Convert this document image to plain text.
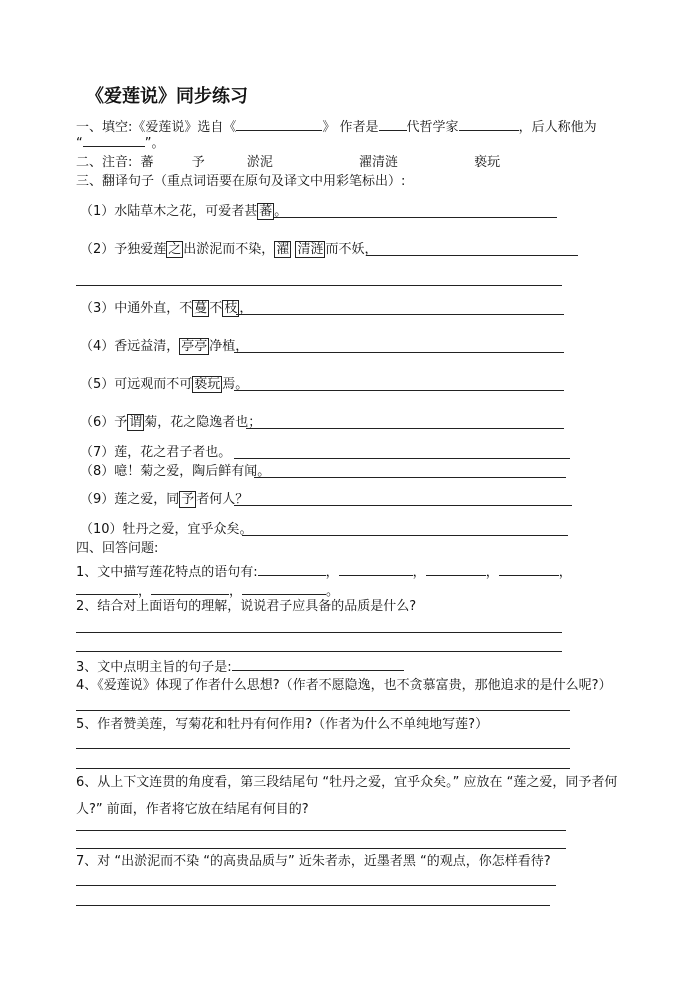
《爱莲说》同步练习
一、填空:《爱莲说》选自《	》 作者是 代哲学家	，后人称他为
“	”。
二、注音: 蕃	予	淤泥	濯清涟	亵玩
三、翻译句子（重点词语要在原句及译文中用彩笔标出）:
（1）水陆草木之花，可爱者甚 蕃 。
（2）予独爱莲 之 出淤泥而不染， 濯 清涟 而不妖，
（3）中通外直，不 蔓 不 枝 ，
（4）香远益清， 亭亭 净植，
（5）可远观而不可 亵玩 焉。
（6）予 谓 菊，花之隐逸者也；
（7）莲，花之君子者也。
（8）噫！菊之爱，陶后鲜有闻。
（9）莲之爱，同 予 者何人？
（10）牡丹之爱，宜乎众矣。
四、回答问题:
1、文中描写莲花特点的语句有:	，	，	，	，
，	，	。
2、结合对上面语句的理解，说说君子应具备的品质是什么?
3、文中点明主旨的句子是:
4、《爱莲说》体现了作者什么思想?（作者不愿隐逸，也不贪慕富贵，那他追求的是什么呢?）
5、作者赞美莲，写菊花和牡丹有何作用?（作者为什么不单纯地写莲?）
6、从上下文连贯的角度看，第三段结尾句 “牡丹之爱，宜乎众矣。” 应放在 “莲之爱，同予者何
人?” 前面，作者将它放在结尾有何目的?
7、对 “出淤泥而不染 “的高贵品质与” 近朱者赤，近墨者黑 “的观点，你怎样看待?
